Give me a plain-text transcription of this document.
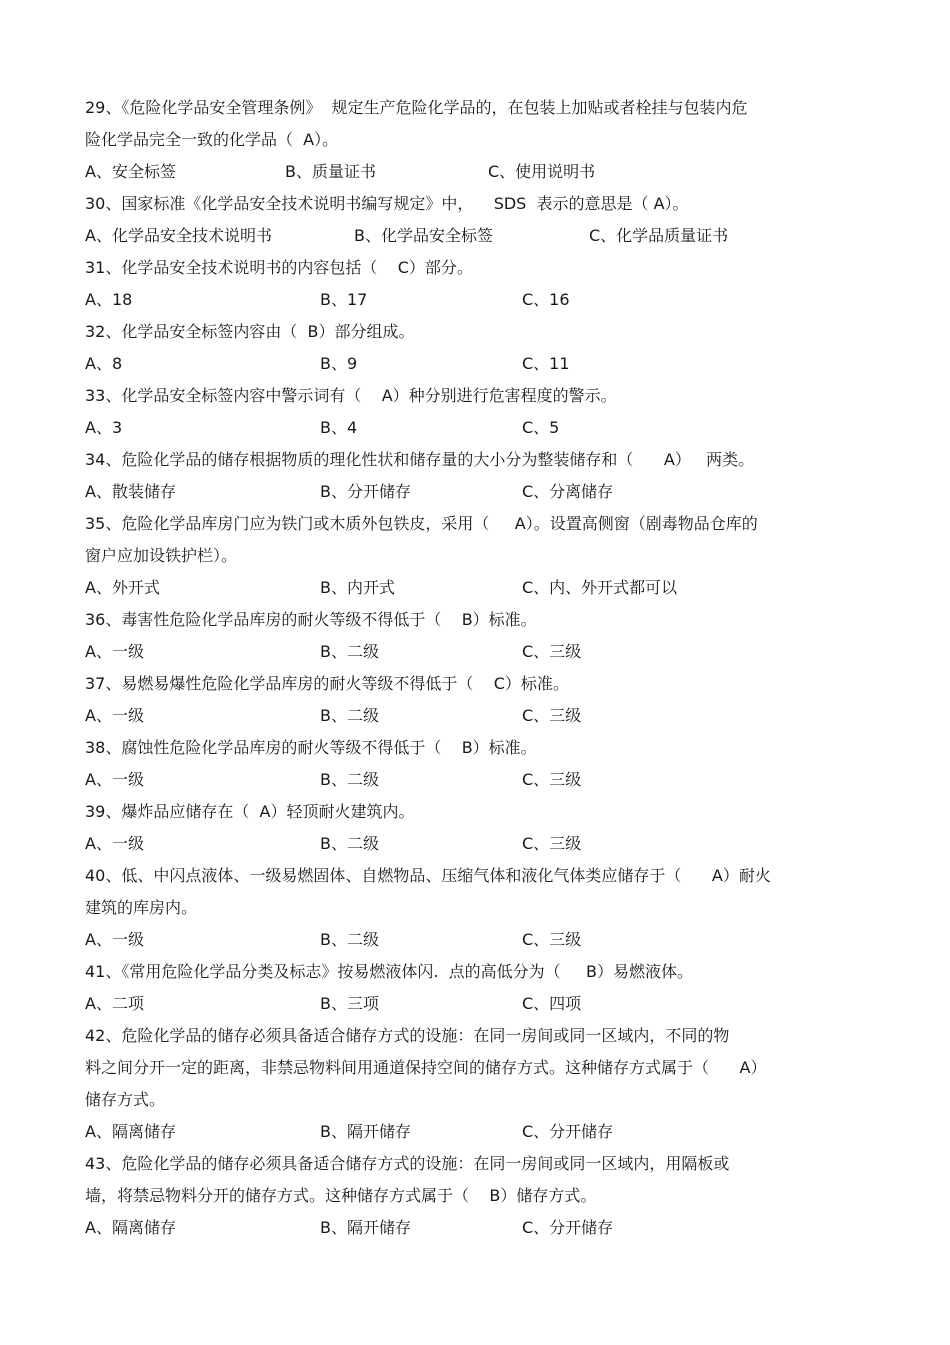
29、《危险化学品安全管理条例》  规定生产危险化学品的，在包装上加贴或者栓挂与包装内危
险化学品完全一致的化学品（  A）。
A、安全标签	B、质量证书	C、使用说明书
30、国家标准《化学品安全技术说明书编写规定》中，    SDS  表示的意思是（ A）。
A、化学品安全技术说明书	B、化学品安全标签	C、化学品质量证书
31、化学品安全技术说明书的内容包括（    C）部分。
A、18	B、17	C、16
32、化学品安全标签内容由（  B）部分组成。
A、8	B、9	C、11
33、化学品安全标签内容中警示词有（    A）种分别进行危害程度的警示。
A、3	B、4	C、5
34、危险化学品的储存根据物质的理化性状和储存量的大小分为整装储存和（      A）   两类。
A、散装储存	B、分开储存	C、分离储存
35、危险化学品库房门应为铁门或木质外包铁皮，采用（     A）。设置高侧窗（剧毒物品仓库的
窗户应加设铁护栏）。
A、外开式	B、内开式	C、内、外开式都可以
36、毒害性危险化学品库房的耐火等级不得低于（    B）标准。
A、一级	B、二级	C、三级
37、易燃易爆性危险化学品库房的耐火等级不得低于（    C）标准。
A、一级	B、二级	C、三级
38、腐蚀性危险化学品库房的耐火等级不得低于（    B）标准。
A、一级	B、二级	C、三级
39、爆炸品应储存在（  A）轻顶耐火建筑内。
A、一级	B、二级	C、三级
40、低、中闪点液体、一级易燃固体、自燃物品、压缩气体和液化气体类应储存于（      A）耐火
建筑的库房内。
A、一级	B、二级	C、三级
41、《常用危险化学品分类及标志》按易燃液体闪.  点的高低分为（     B）易燃液体。
A、二项	B、三项	C、四项
42、危险化学品的储存必须具备适合储存方式的设施：在同一房间或同一区域内，不同的物
料之间分开一定的距离，非禁忌物料间用通道保持空间的储存方式。这种储存方式属于（      A）
储存方式。
A、隔离储存	B、隔开储存	C、分开储存
43、危险化学品的储存必须具备适合储存方式的设施：在同一房间或同一区域内，用隔板或
墙，将禁忌物料分开的储存方式。这种储存方式属于（    B）储存方式。
A、隔离储存	B、隔开储存	C、分开储存
